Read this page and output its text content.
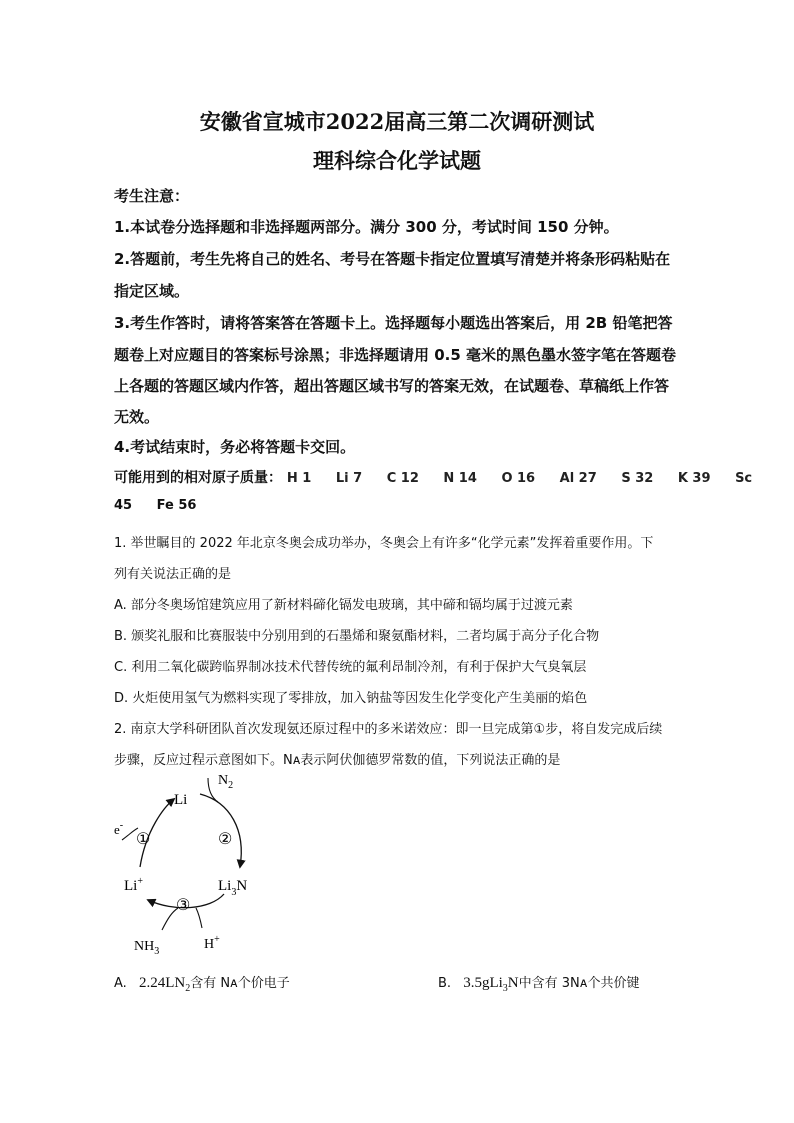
安徽省宣城市2022届高三第二次调研测试
理科综合化学试题
考生注意：
1.本试卷分选择题和非选择题两部分。满分 300 分，考试时间 150 分钟。
2.答题前，考生先将自己的姓名、考号在答题卡指定位置填写清楚并将条形码粘贴在
指定区域。
3.考生作答时，请将答案答在答题卡上。选择题每小题选出答案后，用 2B 铅笔把答
题卷上对应题目的答案标号涂黑；非选择题请用 0.5 毫米的黑色墨水签字笔在答题卷
上各题的答题区域内作答，超出答题区域书写的答案无效，在试题卷、草稿纸上作答
无效。
4.考试结束时，务必将答题卡交回。
可能用到的相对原子质量： H 1 Li 7 C 12 N 14 O 16 Al 27 S 32 K 39 Sc
45 Fe 56
1. 举世瞩目的 2022 年北京冬奥会成功举办，冬奥会上有许多“化学元素”发挥着重要作用。下
列有关说法正确的是
A. 部分冬奥场馆建筑应用了新材料碲化镉发电玻璃，其中碲和镉均属于过渡元素
B. 颁奖礼服和比赛服装中分别用到的石墨烯和聚氨酯材料，二者均属于高分子化合物
C. 利用二氧化碳跨临界制冰技术代替传统的氟利昂制冷剂，有利于保护大气臭氧层
D. 火炬使用氢气为燃料实现了零排放，加入钠盐等因发生化学变化产生美丽的焰色
2. 南京大学科研团队首次发现氨还原过程中的多米诺效应：即一旦完成第①步，将自发完成后续
步骤，反应过程示意图如下。Nᴀ表示阿伏伽德罗常数的值，下列说法正确的是
Li
$N_2$
e-
①	②
③
Li+	$Li_3N$
$NH_3$	H+
A. $2.24LN_2$含有 Nᴀ个价电子	B. 3.5gLi$_3$N中含有 3Nᴀ个共价键
